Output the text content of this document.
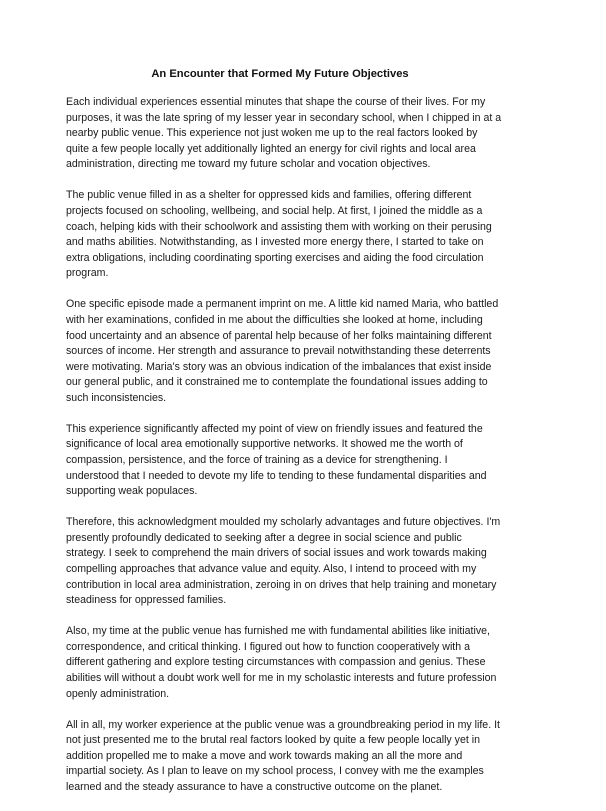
An Encounter that Formed My Future Objectives

Each individual experiences essential minutes that shape the course of their lives. For my purposes, it was the late spring of my lesser year in secondary school, when I chipped in at a nearby public venue. This experience not just woken me up to the real factors looked by quite a few people locally yet additionally lighted an energy for civil rights and local area administration, directing me toward my future scholar and vocation objectives.

The public venue filled in as a shelter for oppressed kids and families, offering different projects focused on schooling, wellbeing, and social help. At first, I joined the middle as a coach, helping kids with their schoolwork and assisting them with working on their perusing and maths abilities. Notwithstanding, as I invested more energy there, I started to take on extra obligations, including coordinating sporting exercises and aiding the food circulation program.

One specific episode made a permanent imprint on me. A little kid named Maria, who battled with her examinations, confided in me about the difficulties she looked at home, including food uncertainty and an absence of parental help because of her folks maintaining different sources of income. Her strength and assurance to prevail notwithstanding these deterrents were motivating. Maria's story was an obvious indication of the imbalances that exist inside our general public, and it constrained me to contemplate the foundational issues adding to such inconsistencies.

This experience significantly affected my point of view on friendly issues and featured the significance of local area emotionally supportive networks. It showed me the worth of compassion, persistence, and the force of training as a device for strengthening. I understood that I needed to devote my life to tending to these fundamental disparities and supporting weak populaces.

Therefore, this acknowledgment moulded my scholarly advantages and future objectives. I'm presently profoundly dedicated to seeking after a degree in social science and public strategy. I seek to comprehend the main drivers of social issues and work towards making compelling approaches that advance value and equity. Also, I intend to proceed with my contribution in local area administration, zeroing in on drives that help training and monetary steadiness for oppressed families.

Also, my time at the public venue has furnished me with fundamental abilities like initiative, correspondence, and critical thinking. I figured out how to function cooperatively with a different gathering and explore testing circumstances with compassion and genius. These abilities will without a doubt work well for me in my scholastic interests and future profession openly administration.

All in all, my worker experience at the public venue was a groundbreaking period in my life. It not just presented me to the brutal real factors looked by quite a few people locally yet in addition propelled me to make a move and work towards making an all the more and impartial society. As I plan to leave on my school process, I convey with me the examples learned and the steady assurance to have a constructive outcome on the planet.
